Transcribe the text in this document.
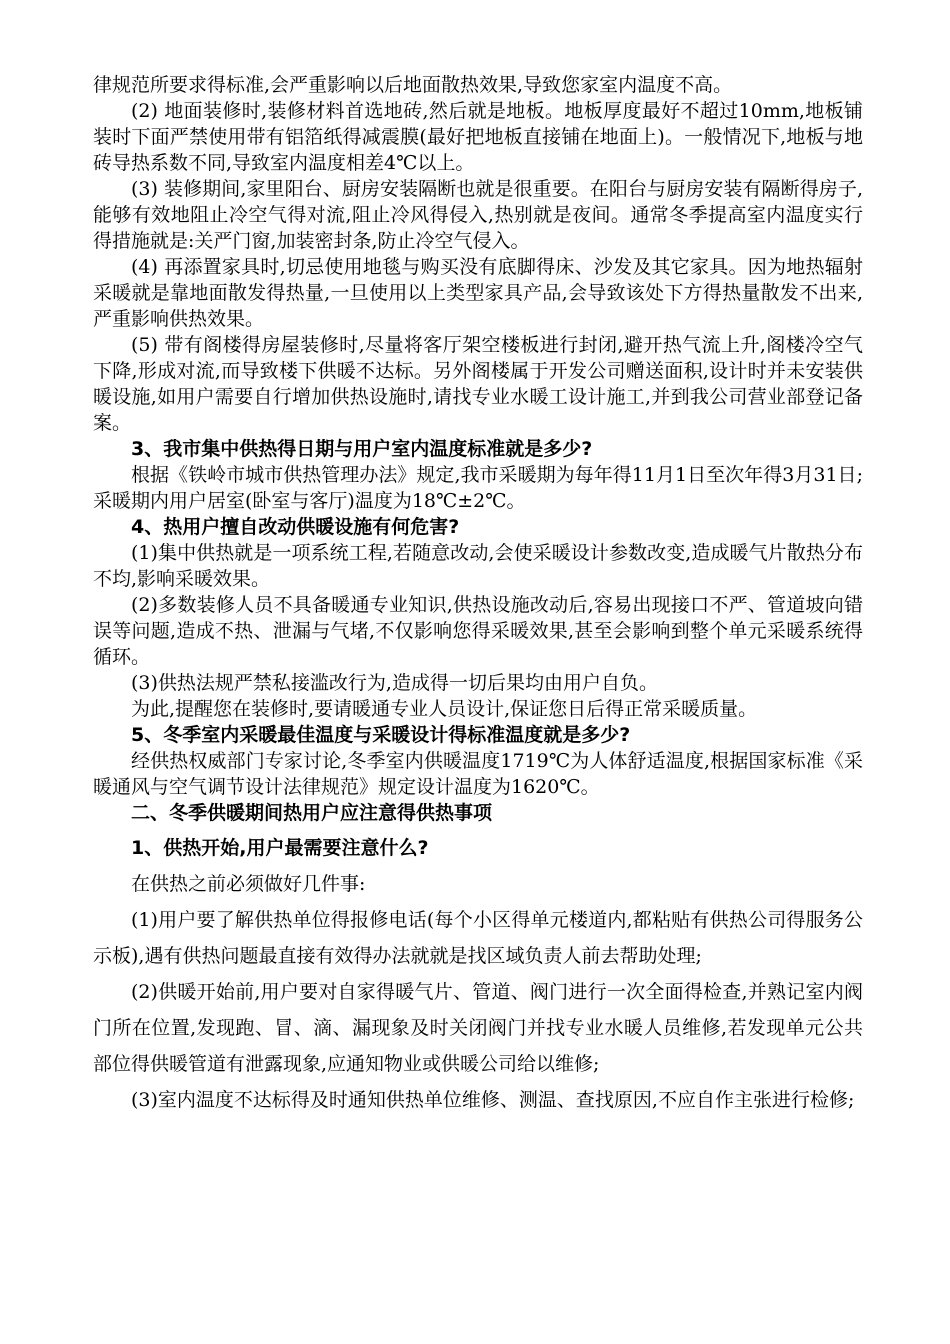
律规范所要求得标准,会严重影响以后地面散热效果,导致您家室内温度不高。

(2) 地面装修时,装修材料首选地砖,然后就是地板。地板厚度最好不超过10mm,地板铺装时下面严禁使用带有铝箔纸得减震膜(最好把地板直接铺在地面上)。一般情况下,地板与地砖导热系数不同,导致室内温度相差4℃以上。

(3) 装修期间,家里阳台、厨房安装隔断也就是很重要。在阳台与厨房安装有隔断得房子,能够有效地阻止冷空气得对流,阻止冷风得侵入,热别就是夜间。通常冬季提高室内温度实行得措施就是:关严门窗,加装密封条,防止冷空气侵入。

(4) 再添置家具时,切忌使用地毯与购买没有底脚得床、沙发及其它家具。因为地热辐射采暖就是靠地面散发得热量,一旦使用以上类型家具产品,会导致该处下方得热量散发不出来,严重影响供热效果。

(5) 带有阁楼得房屋装修时,尽量将客厅架空楼板进行封闭,避开热气流上升,阁楼冷空气下降,形成对流,而导致楼下供暖不达标。另外阁楼属于开发公司赠送面积,设计时并未安装供暖设施,如用户需要自行增加供热设施时,请找专业水暖工设计施工,并到我公司营业部登记备案。

3、我市集中供热得日期与用户室内温度标准就是多少?

根据《铁岭市城市供热管理办法》规定,我市采暖期为每年得11月1日至次年得3月31日;采暖期内用户居室(卧室与客厅)温度为18℃±2℃。

4、热用户擅自改动供暖设施有何危害?

(1)集中供热就是一项系统工程,若随意改动,会使采暖设计参数改变,造成暖气片散热分布不均,影响采暖效果。

(2)多数装修人员不具备暖通专业知识,供热设施改动后,容易出现接口不严、管道坡向错误等问题,造成不热、泄漏与气堵,不仅影响您得采暖效果,甚至会影响到整个单元采暖系统得循环。

(3)供热法规严禁私接滥改行为,造成得一切后果均由用户自负。

为此,提醒您在装修时,要请暖通专业人员设计,保证您日后得正常采暖质量。

5、冬季室内采暖最佳温度与采暖设计得标准温度就是多少?

经供热权威部门专家讨论,冬季室内供暖温度1719℃为人体舒适温度,根据国家标准《采暖通风与空气调节设计法律规范》规定设计温度为1620℃。

二、冬季供暖期间热用户应注意得供热事项

1、供热开始,用户最需要注意什么?

在供热之前必须做好几件事:

(1)用户要了解供热单位得报修电话(每个小区得单元楼道内,都粘贴有供热公司得服务公示板),遇有供热问题最直接有效得办法就就是找区域负责人前去帮助处理;

(2)供暖开始前,用户要对自家得暖气片、管道、阀门进行一次全面得检查,并熟记室内阀门所在位置,发现跑、冒、滴、漏现象及时关闭阀门并找专业水暖人员维修,若发现单元公共部位得供暖管道有泄露现象,应通知物业或供暖公司给以维修;

(3)室内温度不达标得及时通知供热单位维修、测温、查找原因,不应自作主张进行检修;
